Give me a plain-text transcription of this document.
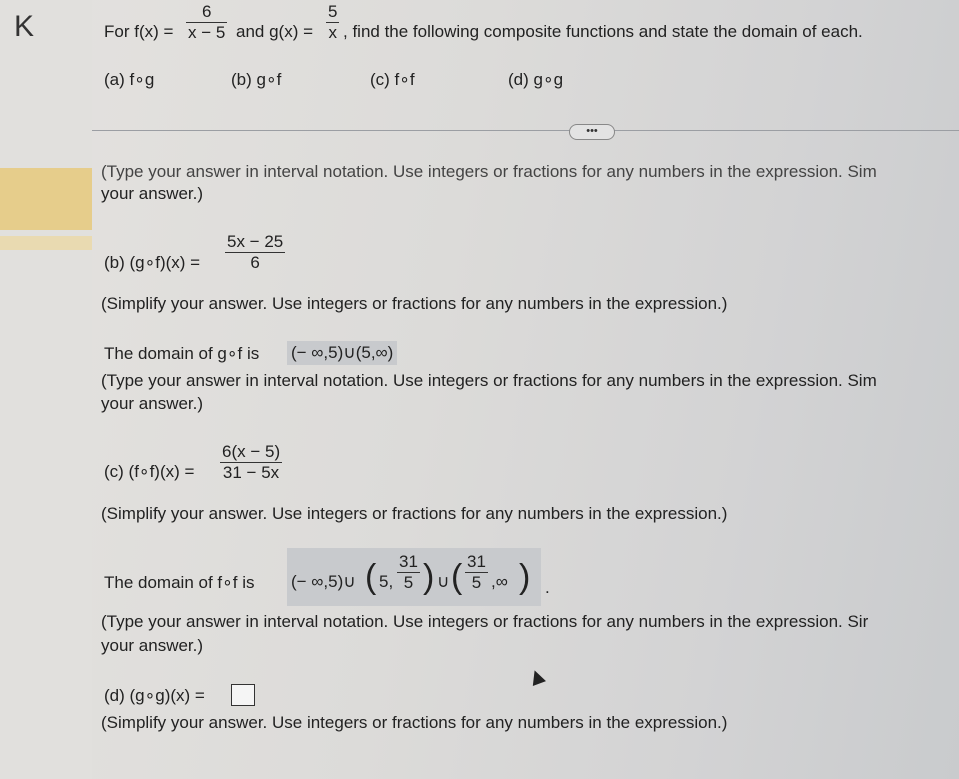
K	For f(x) =
6
x − 5 and g(x) =
5
x , find the following composite functions and state the domain of each.
(a) f∘g	(b) g∘f	(c) f∘f	(d) g∘g
•••
(Type your answer in interval notation. Use integers or fractions for any numbers in the expression. Sim
your answer.)
(b) (g∘f)(x) =
5x − 25
6
(Simplify your answer. Use integers or fractions for any numbers in the expression.)
The domain of g∘f is (− ∞,5)∪(5,∞)
(Type your answer in interval notation. Use integers or fractions for any numbers in the expression. Sim
your answer.)
(c) (f∘f)(x) =
6(x − 5)
31 − 5x
(Simplify your answer. Use integers or fractions for any numbers in the expression.)
The domain of f∘f is (− ∞,5)∪ ( 5,
31
5 ) ∪ ( 31
5 ,∞ ) .
(Type your answer in interval notation. Use integers or fractions for any numbers in the expression. Sir
your answer.)
(d) (g∘g)(x) =
(Simplify your answer. Use integers or fractions for any numbers in the expression.)
